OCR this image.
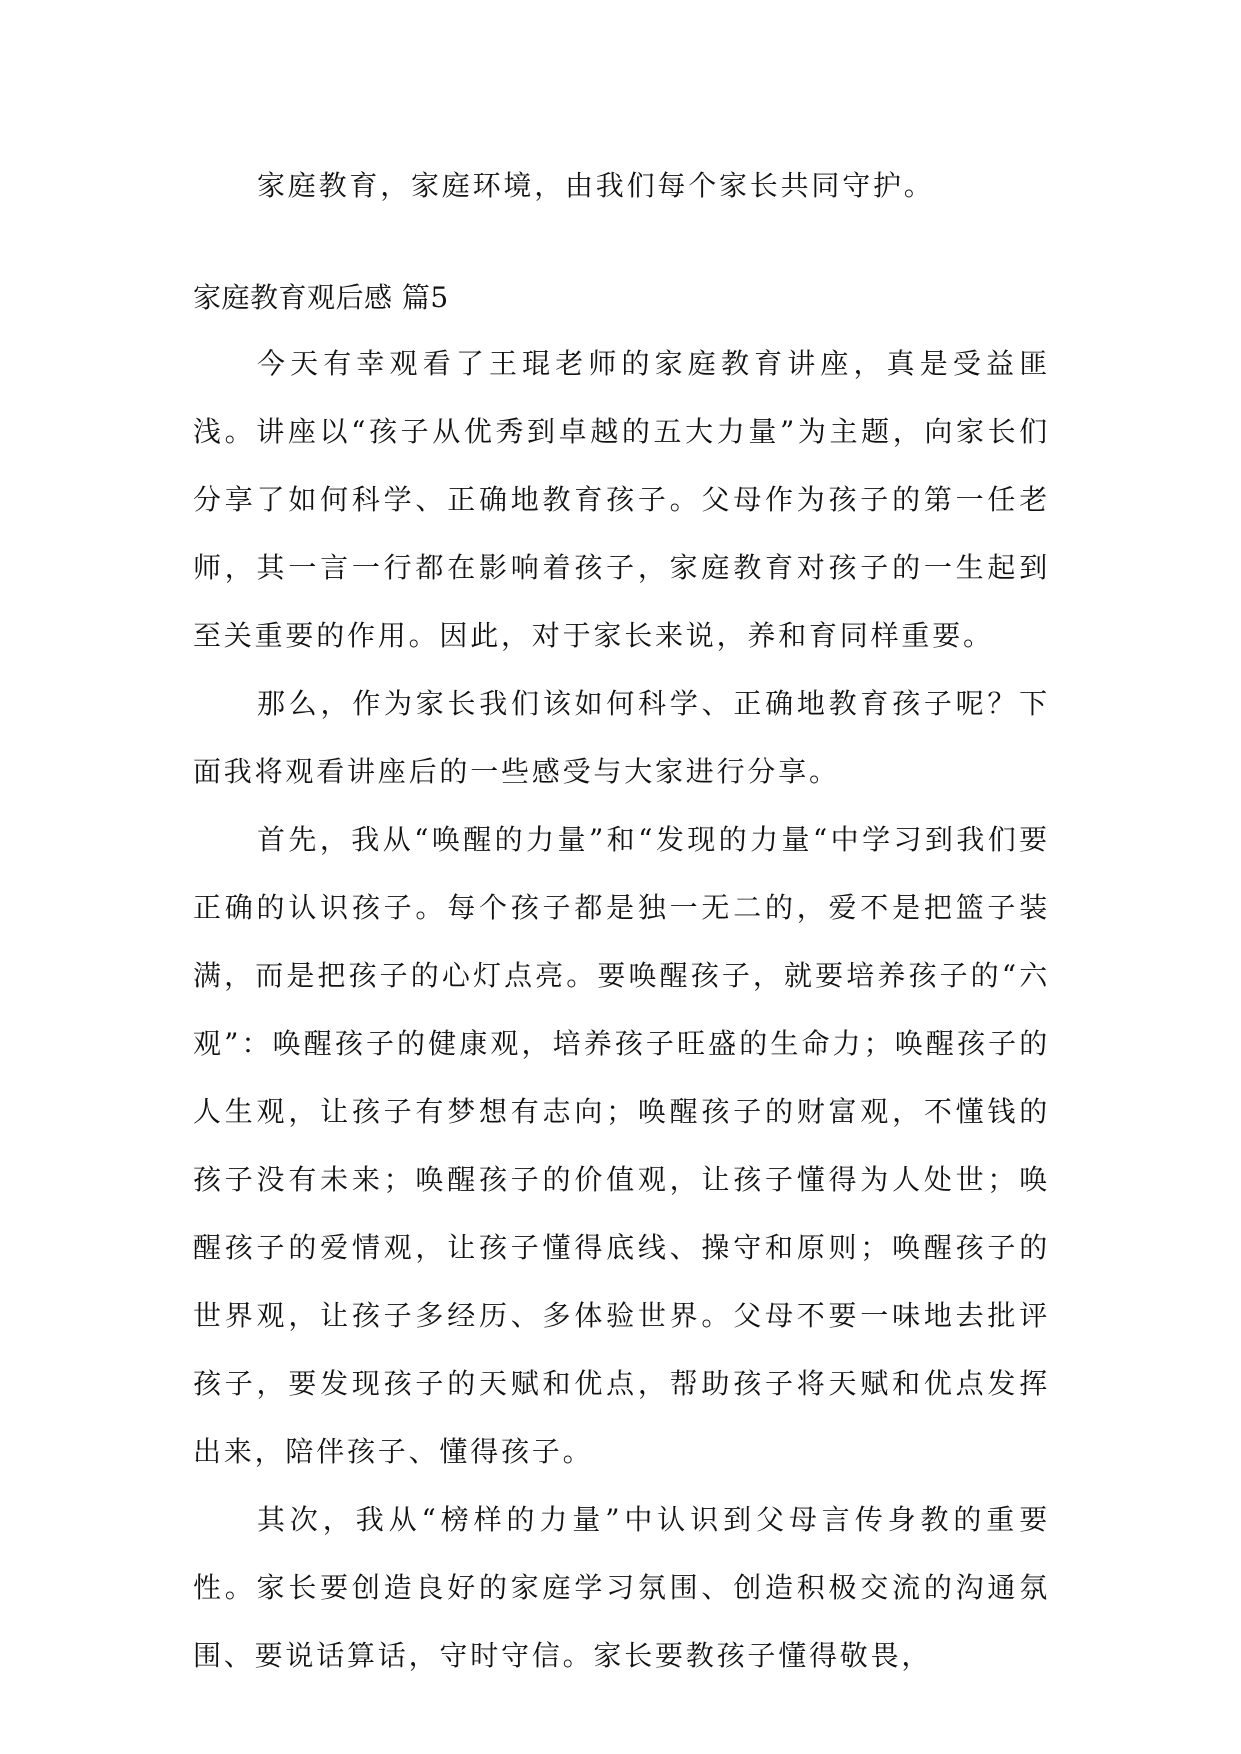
家庭教育，家庭环境，由我们每个家长共同守护。

家庭教育观后感 篇5

今天有幸观看了王琨老师的家庭教育讲座，真是受益匪浅。讲座以“孩子从优秀到卓越的五大力量”为主题，向家长们分享了如何科学、正确地教育孩子。父母作为孩子的第一任老师，其一言一行都在影响着孩子，家庭教育对孩子的一生起到至关重要的作用。因此，对于家长来说，养和育同样重要。

那么，作为家长我们该如何科学、正确地教育孩子呢？下面我将观看讲座后的一些感受与大家进行分享。

首先，我从“唤醒的力量”和“发现的力量“中学习到我们要正确的认识孩子。每个孩子都是独一无二的，爱不是把篮子装满，而是把孩子的心灯点亮。要唤醒孩子，就要培养孩子的“六观”：唤醒孩子的健康观，培养孩子旺盛的生命力；唤醒孩子的人生观，让孩子有梦想有志向；唤醒孩子的财富观，不懂钱的孩子没有未来；唤醒孩子的价值观，让孩子懂得为人处世；唤醒孩子的爱情观，让孩子懂得底线、操守和原则；唤醒孩子的世界观，让孩子多经历、多体验世界。父母不要一味地去批评孩子，要发现孩子的天赋和优点，帮助孩子将天赋和优点发挥出来，陪伴孩子、懂得孩子。

其次，我从“榜样的力量”中认识到父母言传身教的重要性。家长要创造良好的家庭学习氛围、创造积极交流的沟通氛围、要说话算话，守时守信。家长要教孩子懂得敬畏，
